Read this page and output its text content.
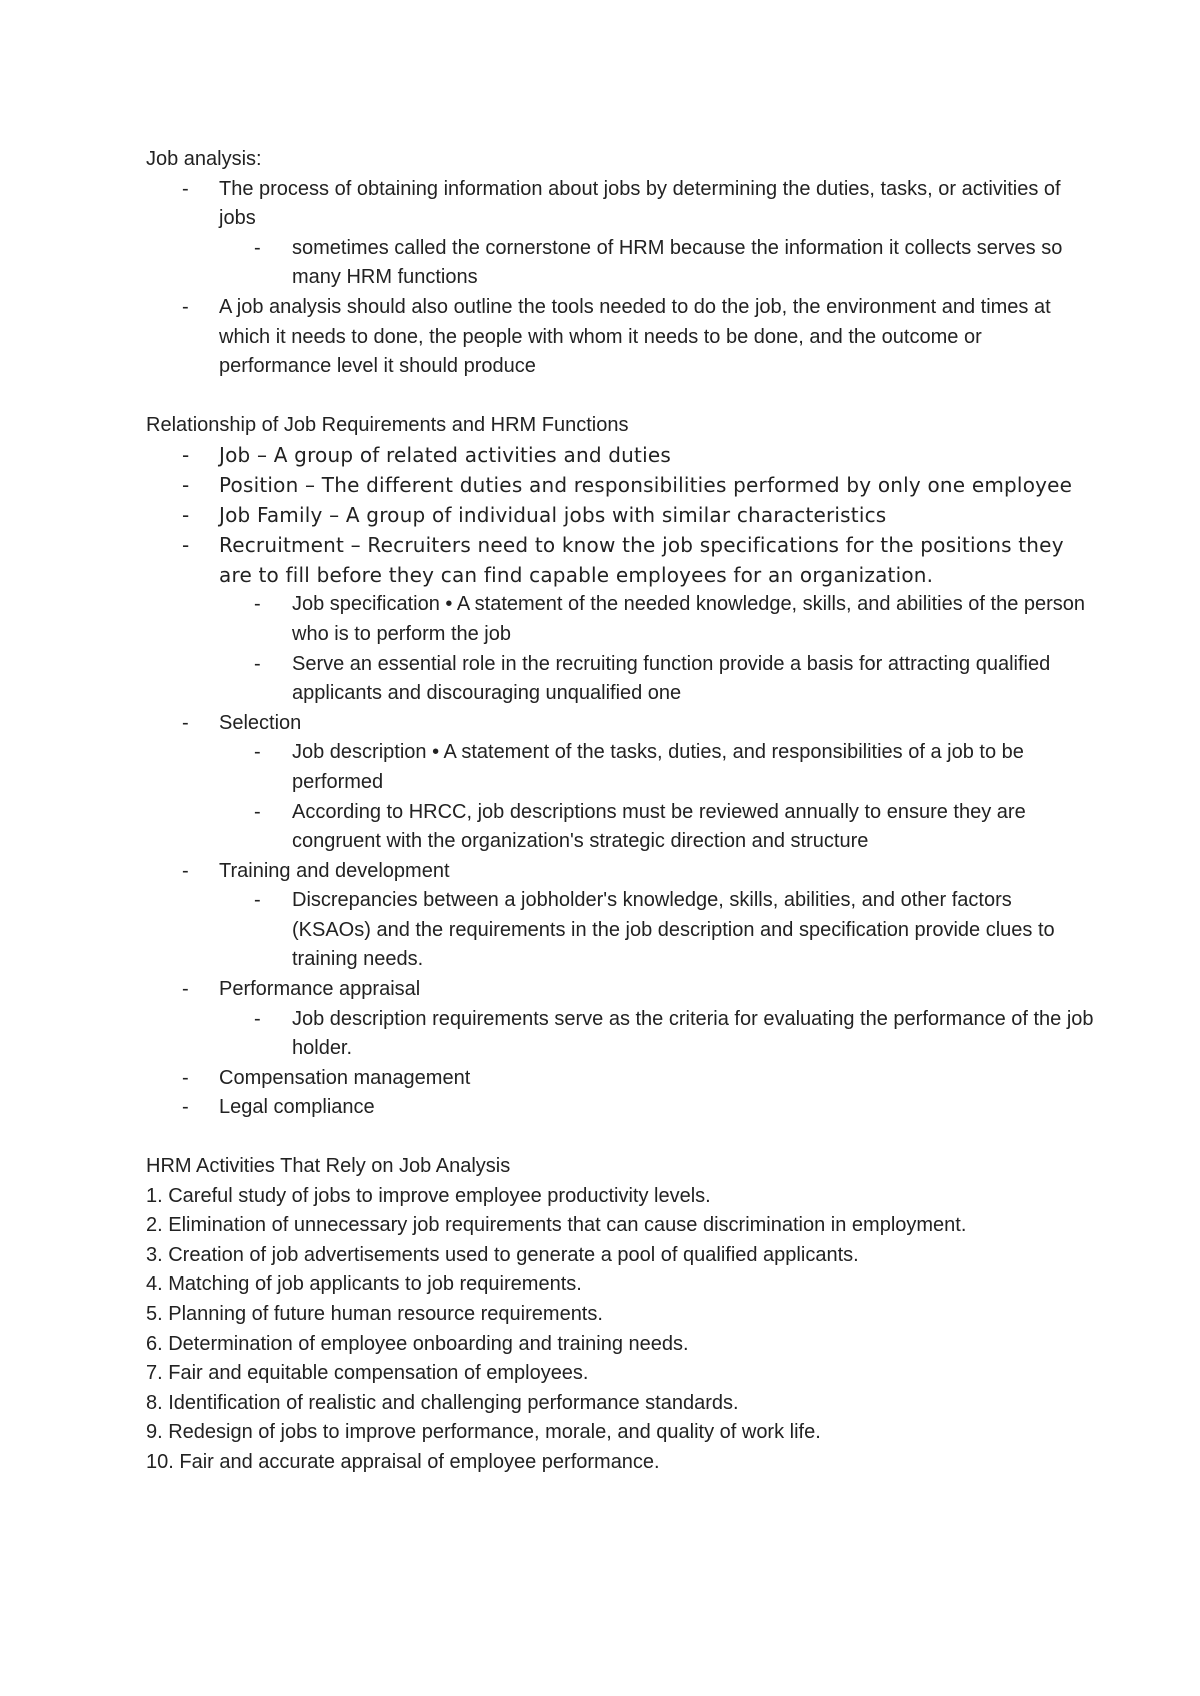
Job analysis:

- The process of obtaining information about jobs by determining the duties, tasks, or activities of jobs
- sometimes called the cornerstone of HRM because the information it collects serves so many HRM functions
- A job analysis should also outline the tools needed to do the job, the environment and times at which it needs to done, the people with whom it needs to be done, and the outcome or performance level it should produce

Relationship of Job Requirements and HRM Functions

- Job – A group of related activities and duties
- Position – The different duties and responsibilities performed by only one employee
- Job Family – A group of individual jobs with similar characteristics
- Recruitment – Recruiters need to know the job specifications for the positions they are to fill before they can find capable employees for an organization.
- Job specification • A statement of the needed knowledge, skills, and abilities of the person who is to perform the job
- Serve an essential role in the recruiting function provide a basis for attracting qualified applicants and discouraging unqualified one
- Selection
- Job description • A statement of the tasks, duties, and responsibilities of a job to be performed
- According to HRCC, job descriptions must be reviewed annually to ensure they are congruent with the organization's strategic direction and structure
- Training and development
- Discrepancies between a jobholder's knowledge, skills, abilities, and other factors (KSAOs) and the requirements in the job description and specification provide clues to training needs.
- Performance appraisal
- Job description requirements serve as the criteria for evaluating the performance of the job holder.
- Compensation management
- Legal compliance

HRM Activities That Rely on Job Analysis

1. Careful study of jobs to improve employee productivity levels.

2. Elimination of unnecessary job requirements that can cause discrimination in employment.

3. Creation of job advertisements used to generate a pool of qualified applicants.

4. Matching of job applicants to job requirements.

5. Planning of future human resource requirements.

6. Determination of employee onboarding and training needs.

7. Fair and equitable compensation of employees.

8. Identification of realistic and challenging performance standards.

9. Redesign of jobs to improve performance, morale, and quality of work life.

10. Fair and accurate appraisal of employee performance.
